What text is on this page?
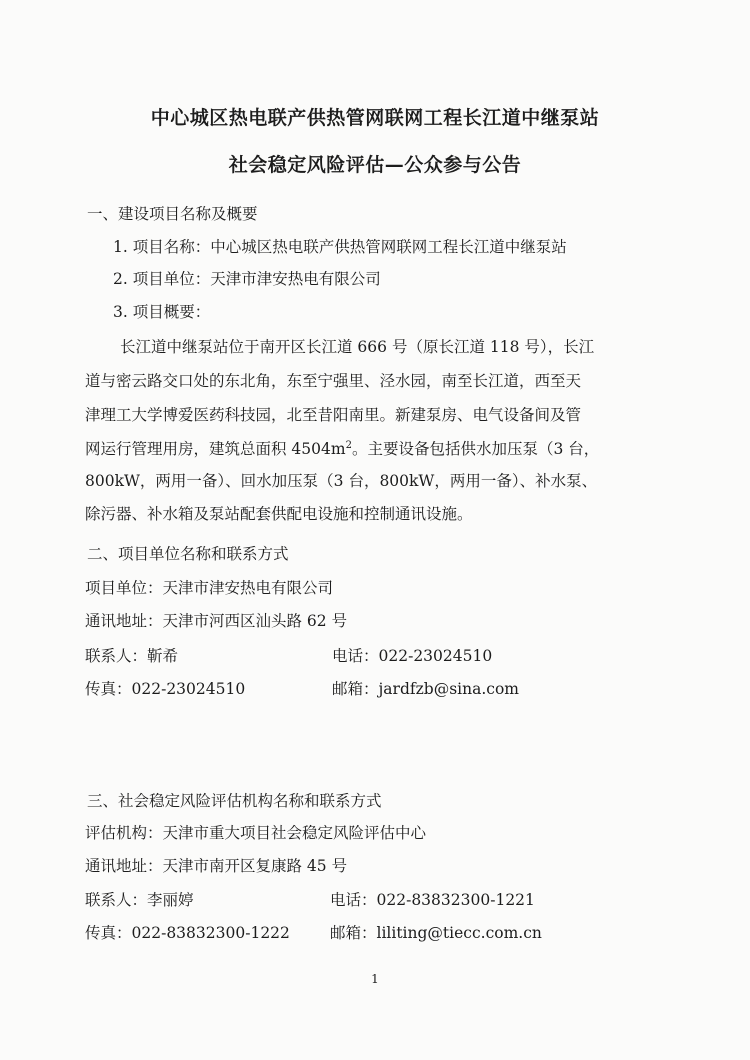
中心城区热电联产供热管网联网工程长江道中继泵站
社会稳定风险评估—公众参与公告
一、建设项目名称及概要
1. 项目名称：中心城区热电联产供热管网联网工程长江道中继泵站
2. 项目单位：天津市津安热电有限公司
3. 项目概要：
长江道中继泵站位于南开区长江道 666 号（原长江道 118 号），长江
道与密云路交口处的东北角，东至宁强里、泾水园，南至长江道，西至天
津理工大学博爱医药科技园，北至昔阳南里。新建泵房、电气设备间及管
网运行管理用房，建筑总面积 $4504m^2$。主要设备包括供水加压泵（3 台，
800kW，两用一备）、回水加压泵（3 台，800kW，两用一备）、补水泵、
除污器、补水箱及泵站配套供配电设施和控制通讯设施。
二、项目单位名称和联系方式
项目单位：天津市津安热电有限公司
通讯地址：天津市河西区汕头路 62 号
联系人：靳希	电话：022-23024510
传真：022-23024510	邮箱：jardfzb@sina.com
三、社会稳定风险评估机构名称和联系方式
评估机构：天津市重大项目社会稳定风险评估中心
通讯地址：天津市南开区复康路 45 号
联系人：李丽婷	电话：022-83832300-1221
传真：022-83832300-1222	邮箱：liliting@tiecc.com.cn
1
